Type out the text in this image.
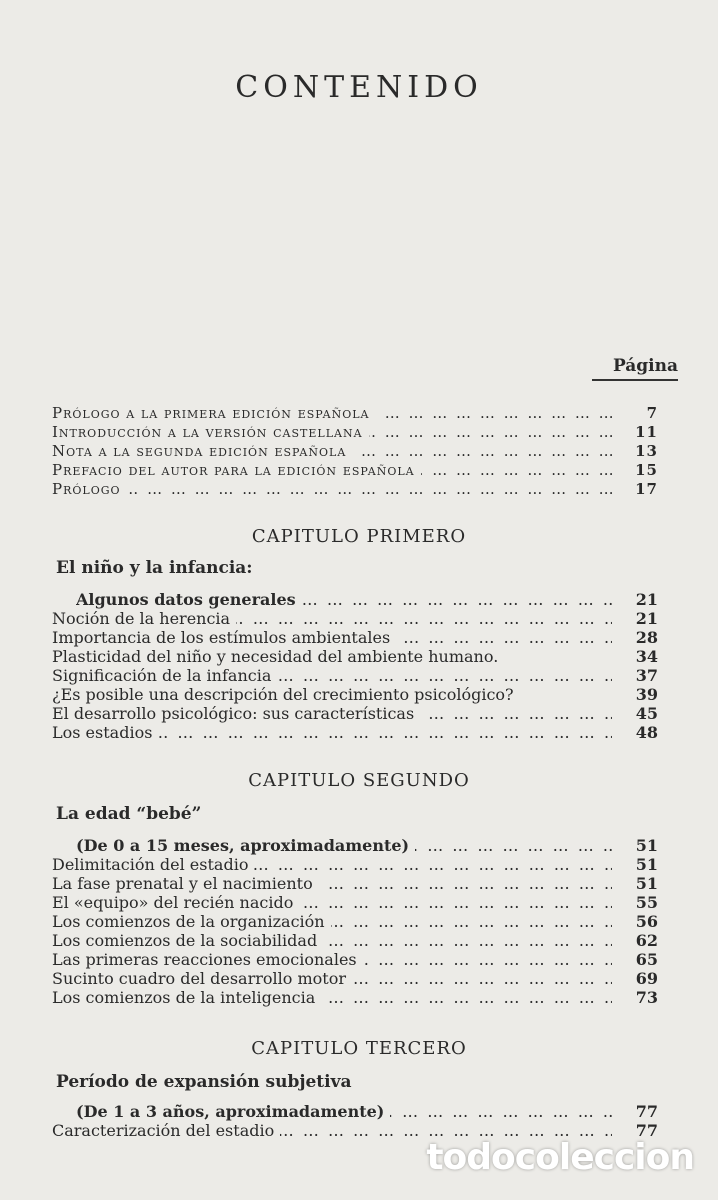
CONTENIDO
Página
Prólogo a la primera edición española … … … … … … … … … … … … … … … … … … … … … … … … … … … … … … … …	7
Introducción a la versión castellana … … … … … … … … … … … … … … … … … … … … … … … … … … … … … … … …	11
Nota a la segunda edición española … … … … … … … … … … … … … … … … … … … … … … … … … … … … … … … …	13
Prefacio del autor para la edición española … … … … … … … … … … … … … … … … … … … … … … … … … … … … … … … …	15
Prólogo … … … … … … … … … … … … … … … … … … … … … … … … … … … … … … … …	17
CAPITULO PRIMERO
El niño y la infancia:
Algunos datos generales … … … … … … … … … … … … … … … … … … … … … … … … … … … … … … … …	21
Noción de la herencia … … … … … … … … … … … … … … … … … … … … … … … … … … … … … … … …	21
Importancia de los estímulos ambientales … … … … … … … … … … … … … … … … … … … … … … … … … … … … … … … …	28
Plasticidad del niño y necesidad del ambiente humano.	34
Significación de la infancia … … … … … … … … … … … … … … … … … … … … … … … … … … … … … … … …	37
¿Es posible una descripción del crecimiento psicológico?	39
El desarrollo psicológico: sus características … … … … … … … … … … … … … … … … … … … … … … … … … … … … … … … …	45
Los estadios … … … … … … … … … … … … … … … … … … … … … … … … … … … … … … … …	48
CAPITULO SEGUNDO
La edad “bebé”
(De 0 a 15 meses, aproximadamente) … … … … … … … … … … … … … … … … … … … … … … … … … … … … … … … …	51
Delimitación del estadio … … … … … … … … … … … … … … … … … … … … … … … … … … … … … … … …	51
La fase prenatal y el nacimiento … … … … … … … … … … … … … … … … … … … … … … … … … … … … … … … …	51
El «equipo» del recién nacido … … … … … … … … … … … … … … … … … … … … … … … … … … … … … … … …	55
Los comienzos de la organización … … … … … … … … … … … … … … … … … … … … … … … … … … … … … … … …	56
Los comienzos de la sociabilidad … … … … … … … … … … … … … … … … … … … … … … … … … … … … … … … …	62
Las primeras reacciones emocionales … … … … … … … … … … … … … … … … … … … … … … … … … … … … … … … …	65
Sucinto cuadro del desarrollo motor … … … … … … … … … … … … … … … … … … … … … … … … … … … … … … … …	69
Los comienzos de la inteligencia … … … … … … … … … … … … … … … … … … … … … … … … … … … … … … … …	73
CAPITULO TERCERO
Período de expansión subjetiva
(De 1 a 3 años, aproximadamente) … … … … … … … … … … … … … … … … … … … … … … … … … … … … … … … …	77
Caracterización del estadio … … … … … … … … … … … … … … … … … … … … … … … … … … … … … … … …	77
todocoleccion
